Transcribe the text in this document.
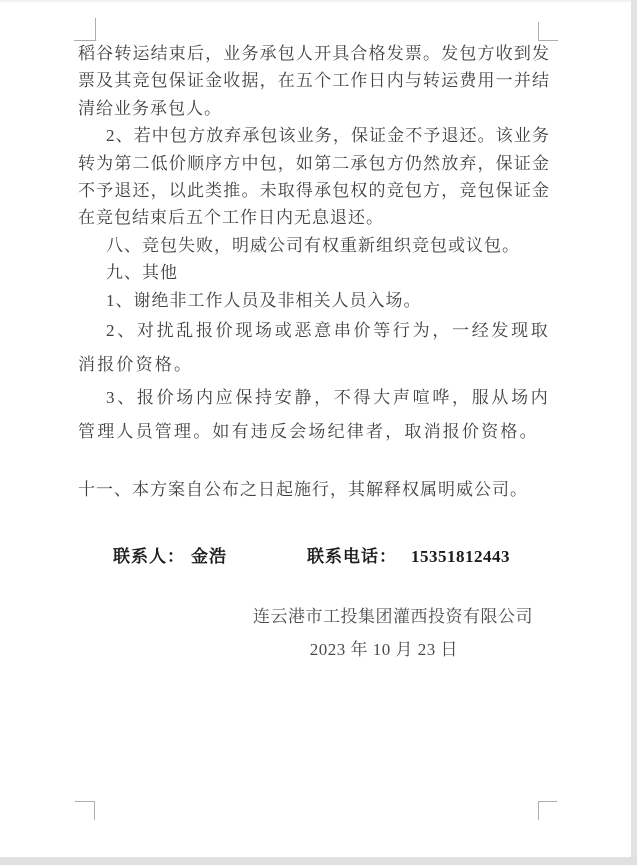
稻谷转运结束后，业务承包人开具合格发票。发包方收到发票及其竞包保证金收据，在五个工作日内与转运费用一并结清给业务承包人。
2、若中包方放弃承包该业务，保证金不予退还。该业务转为第二低价顺序方中包，如第二承包方仍然放弃，保证金不予退还，以此类推。未取得承包权的竞包方，竞包保证金在竞包结束后五个工作日内无息退还。
八、竞包失败，明威公司有权重新组织竞包或议包。
九、其他
1、谢绝非工作人员及非相关人员入场。
2、对扰乱报价现场或恶意串价等行为，一经发现取消报价资格。
3、报价场内应保持安静，不得大声喧哗，服从场内管理人员管理。如有违反会场纪律者，取消报价资格。
十一、本方案自公布之日起施行，其解释权属明威公司。
联系人： 金浩	联系电话： 15351812443
连云港市工投集团灌西投资有限公司
2023 年 10 月 23 日
